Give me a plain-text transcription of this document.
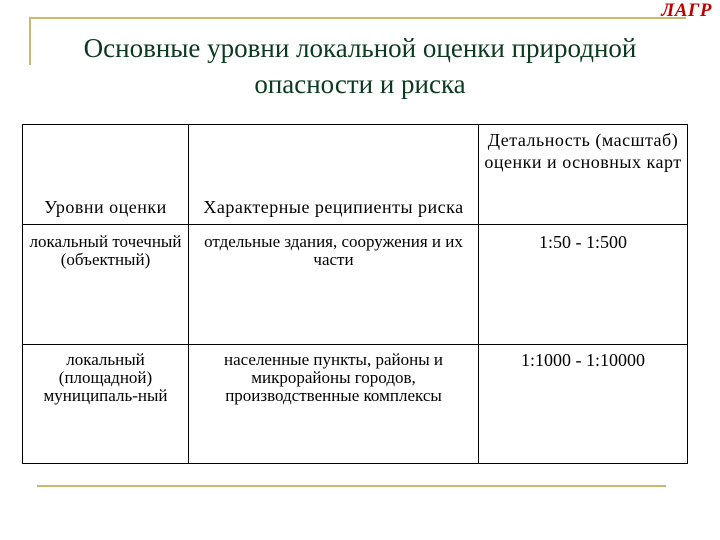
ЛАГР
Основные уровни локальной оценки природной
опасности и риска
Уровни оценки	Характерные реципиенты риска	Детальность (масштаб) оценки и основных карт
локальный точечный (объектный)	отдельные здания, сооружения и их части	1:50 - 1:500
локальный (площадной) муниципаль-ный	населенные пункты, районы и микрорайоны городов, производственные комплексы	1:1000 - 1:10000
